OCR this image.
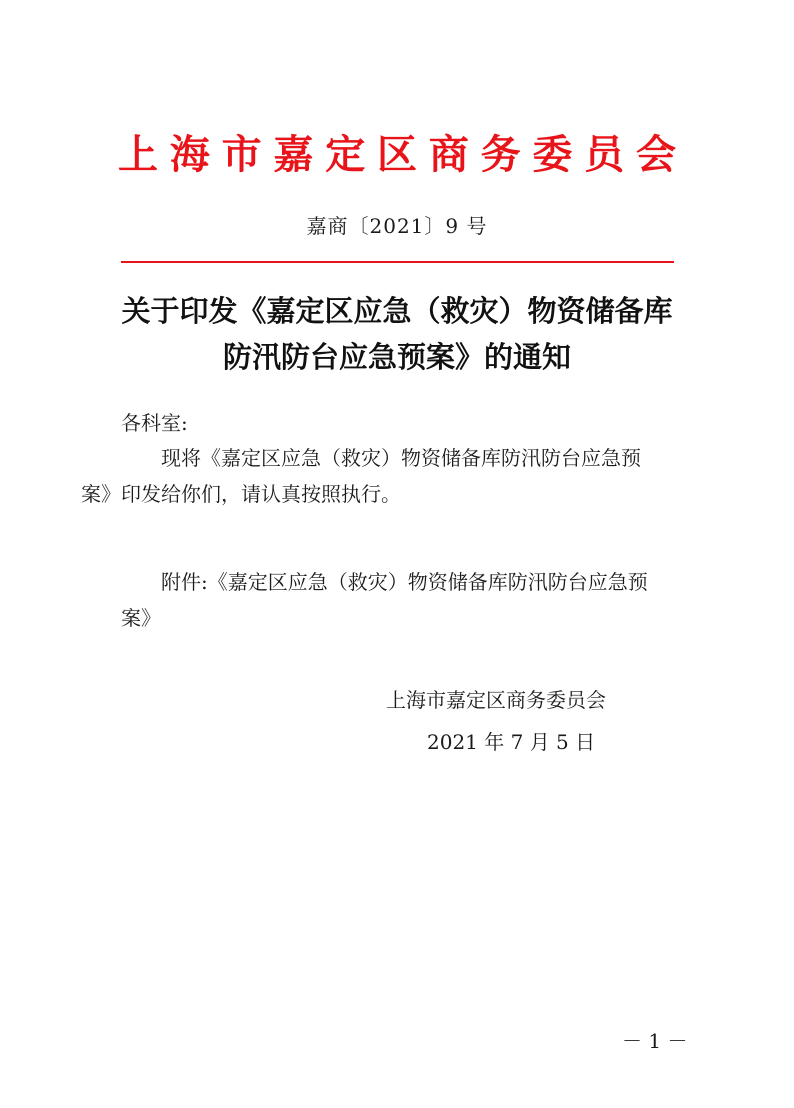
上 海 市 嘉 定 区 商 务 委 员 会
嘉商〔2021〕9 号
关于印发《嘉定区应急（救灾）物资储备库
防汛防台应急预案》的通知
各科室:
现将《嘉定区应急（救灾）物资储备库防汛防台应急预
案》印发给你们，请认真按照执行。
附件:《嘉定区应急（救灾）物资储备库防汛防台应急预
案》
上海市嘉定区商务委员会
2021 年 7 月 5 日
－ 1 －
